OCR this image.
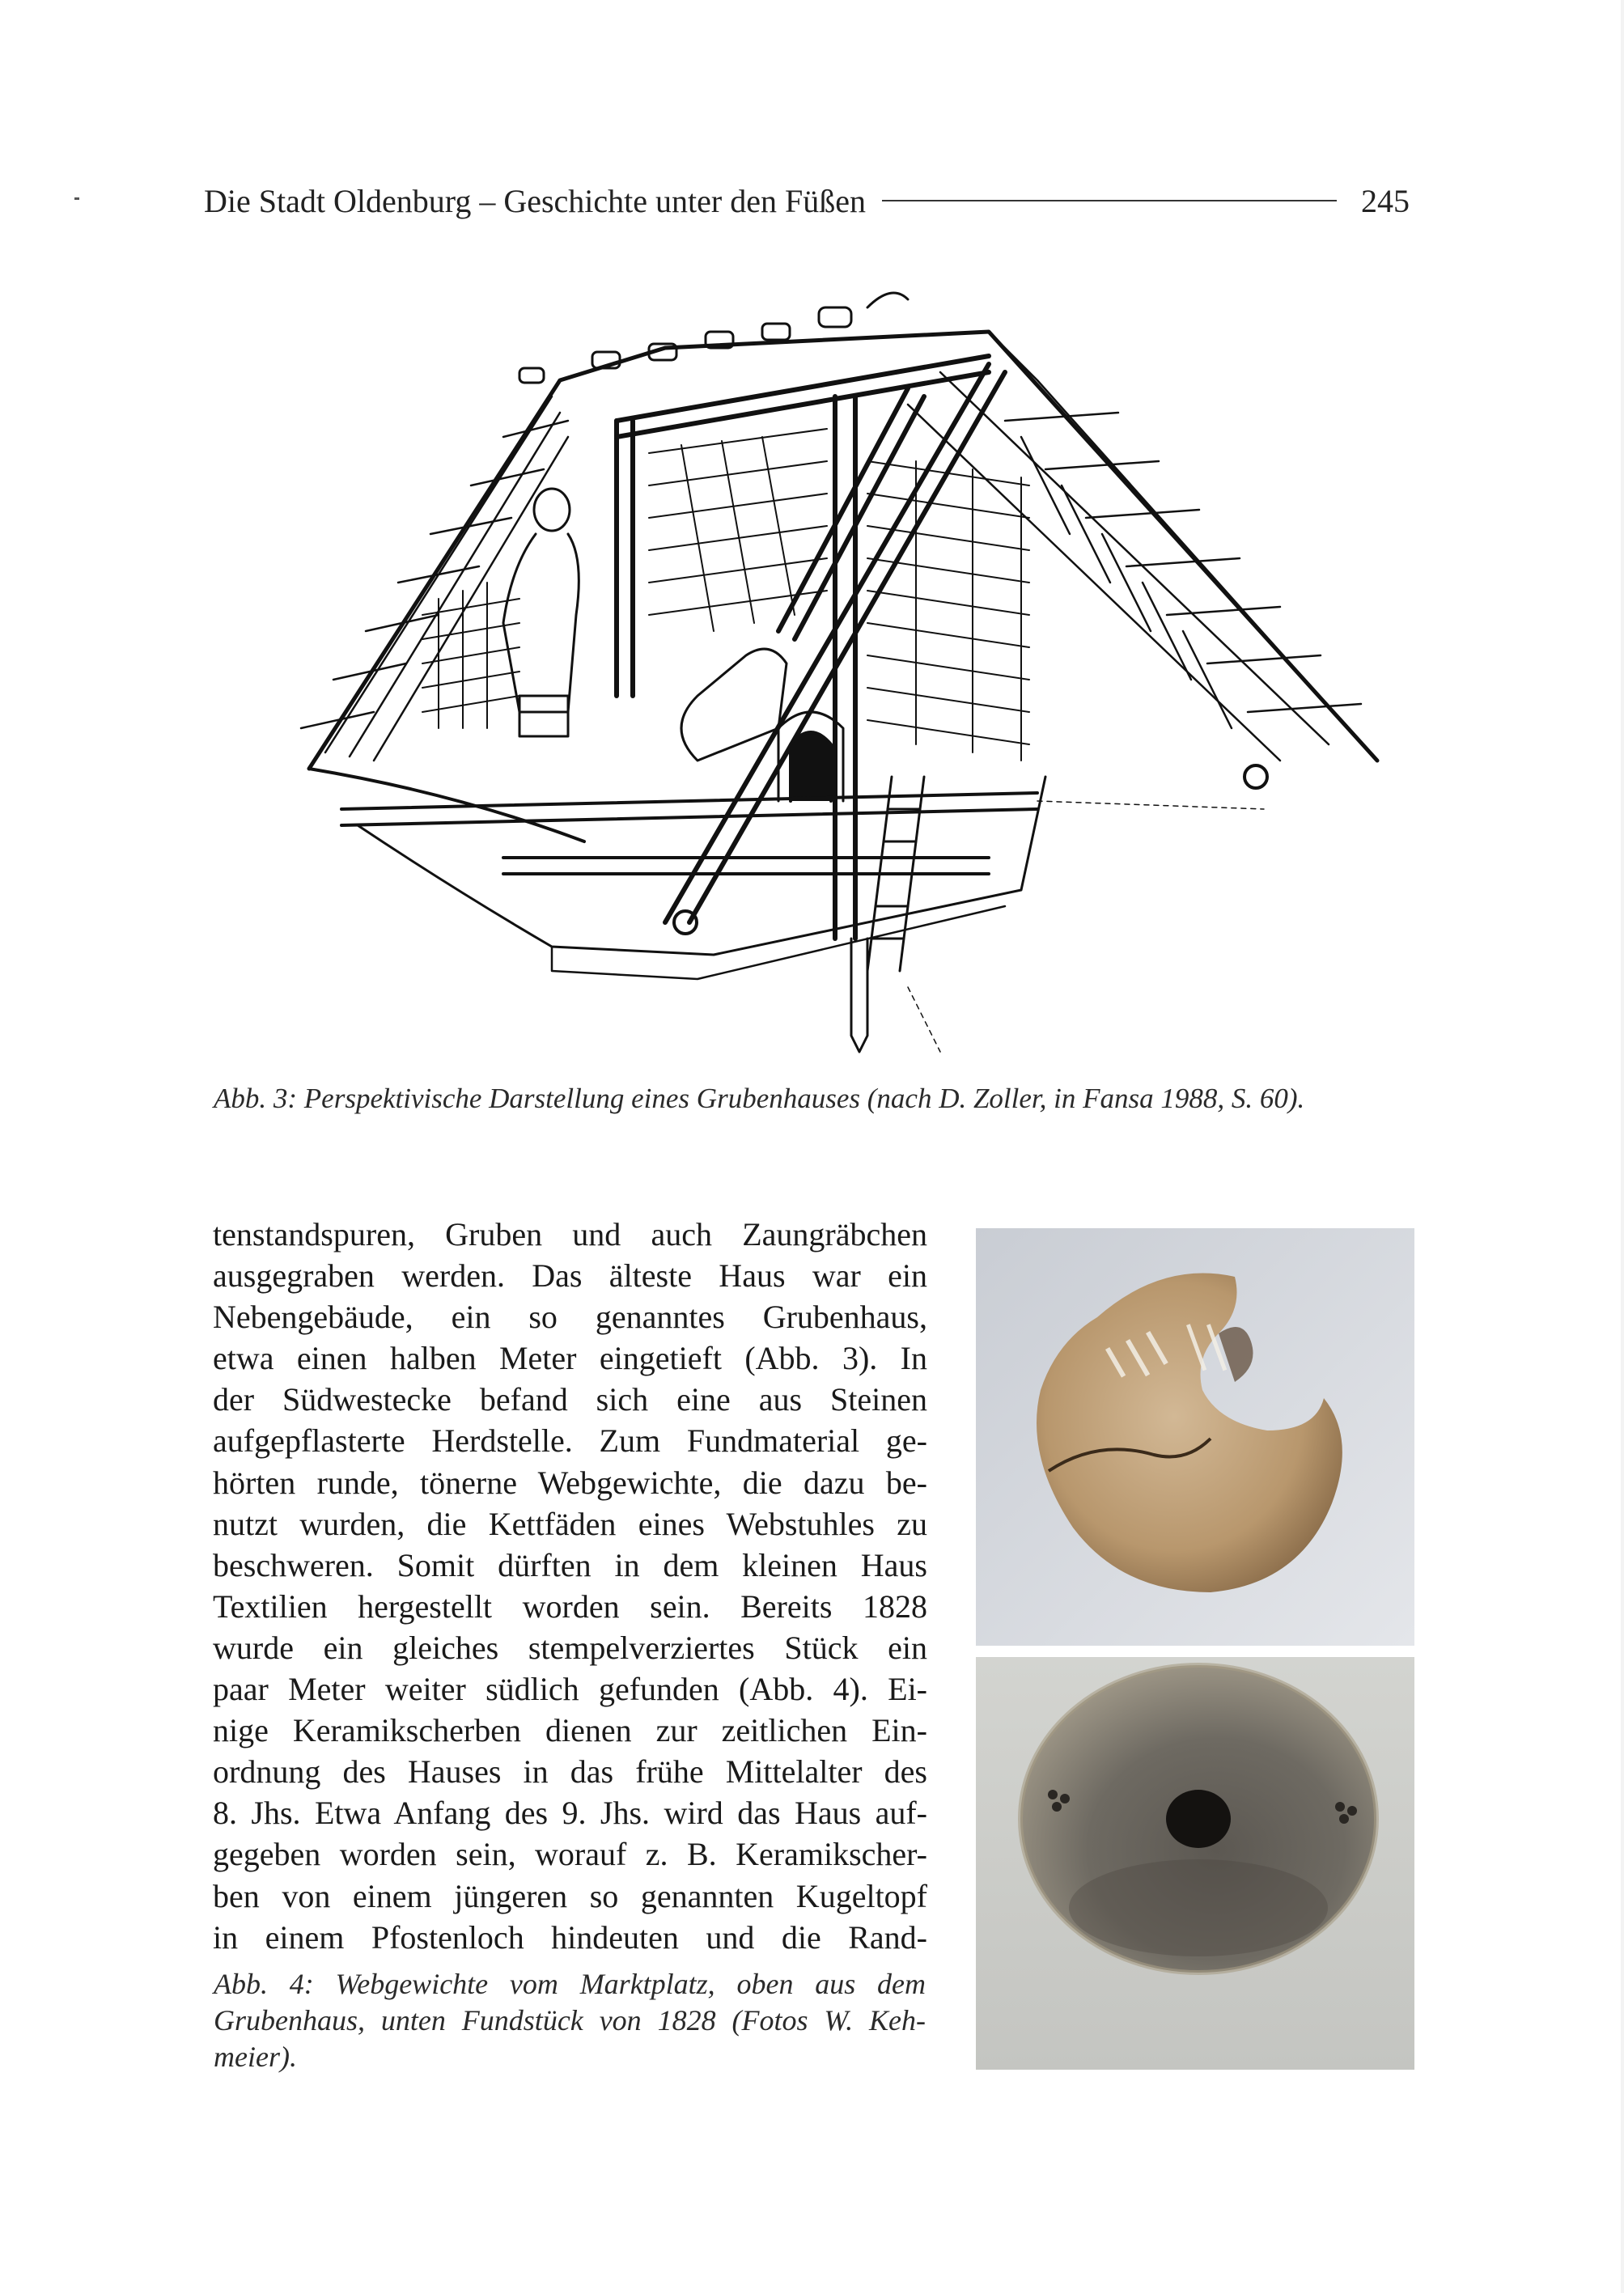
Die Stadt Oldenburg – Geschichte unter den Füßen	245
Abb. 3: Perspektivische Darstellung eines Grubenhauses (nach D. Zoller, in Fansa 1988, S. 60).
tenstandspuren, Gruben und auch Zaungräbchen
ausgegraben werden. Das älteste Haus war ein
Nebengebäude, ein so genanntes Grubenhaus,
etwa einen halben Meter eingetieft (Abb. 3). In
der Südwestecke befand sich eine aus Steinen
aufgepflasterte Herdstelle. Zum Fundmaterial ge-
hörten runde, tönerne Webgewichte, die dazu be-
nutzt wurden, die Kettfäden eines Webstuhles zu
beschweren. Somit dürften in dem kleinen Haus
Textilien hergestellt worden sein. Bereits 1828
wurde ein gleiches stempelverziertes Stück ein
paar Meter weiter südlich gefunden (Abb. 4). Ei-
nige Keramikscherben dienen zur zeitlichen Ein-
ordnung des Hauses in das frühe Mittelalter des
8. Jhs. Etwa Anfang des 9. Jhs. wird das Haus auf-
gegeben worden sein, worauf z. B. Keramikscher-
ben von einem jüngeren so genannten Kugeltopf
in einem Pfostenloch hindeuten und die Rand-
Abb. 4: Webgewichte vom Marktplatz, oben aus dem
Grubenhaus, unten Fundstück von 1828 (Fotos W. Keh-
meier).
